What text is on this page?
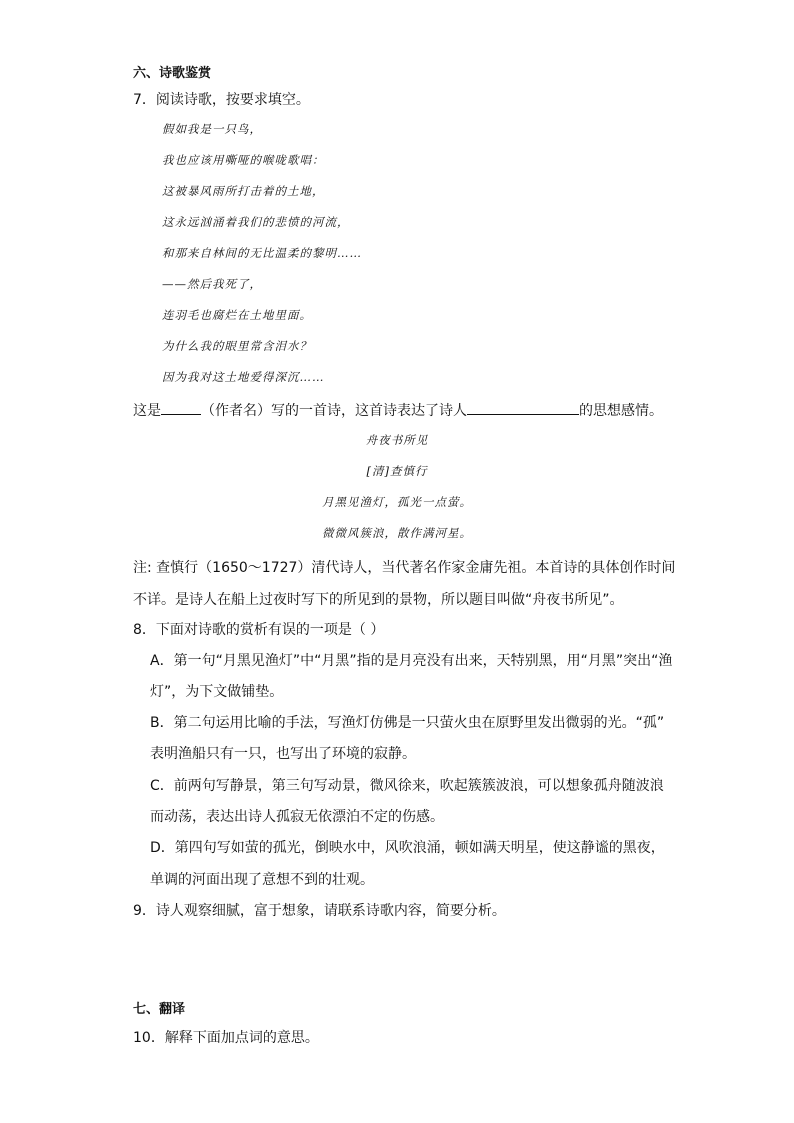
六、诗歌鉴赏
7．阅读诗歌，按要求填空。
假如我是一只鸟，
我也应该用嘶哑的喉咙歌唱：
这被暴风雨所打击着的土地，
这永远汹涌着我们的悲愤的河流，
和那来自林间的无比温柔的黎明……
——然后我死了，
连羽毛也腐烂在土地里面。
为什么我的眼里常含泪水？
因为我对这土地爱得深沉……
这是	（作者名）写的一首诗，这首诗表达了诗人	的思想感情。
舟夜书所见
[清]查慎行
月黑见渔灯，孤光一点萤。
微微风簇浪，散作满河星。
注: 查慎行（1650～1727）清代诗人，当代著名作家金庸先祖。本首诗的具体创作时间
不详。是诗人在船上过夜时写下的所见到的景物，所以题目叫做“舟夜书所见”。
8．下面对诗歌的赏析有误的一项是（ ）
A．第一句“月黑见渔灯”中“月黑”指的是月亮没有出来，天特别黑，用“月黑”突出“渔
灯”，为下文做铺垫。
B．第二句运用比喻的手法，写渔灯仿佛是一只萤火虫在原野里发出微弱的光。“孤”
表明渔船只有一只，也写出了环境的寂静。
C．前两句写静景，第三句写动景，微风徐来，吹起簇簇波浪，可以想象孤舟随波浪
而动荡，表达出诗人孤寂无依漂泊不定的伤感。
D．第四句写如萤的孤光，倒映水中，风吹浪涌，顿如满天明星，使这静谧的黑夜，
单调的河面出现了意想不到的壮观。
9．诗人观察细腻，富于想象，请联系诗歌内容，简要分析。
七、翻译
10．解释下面加点词的意思。
